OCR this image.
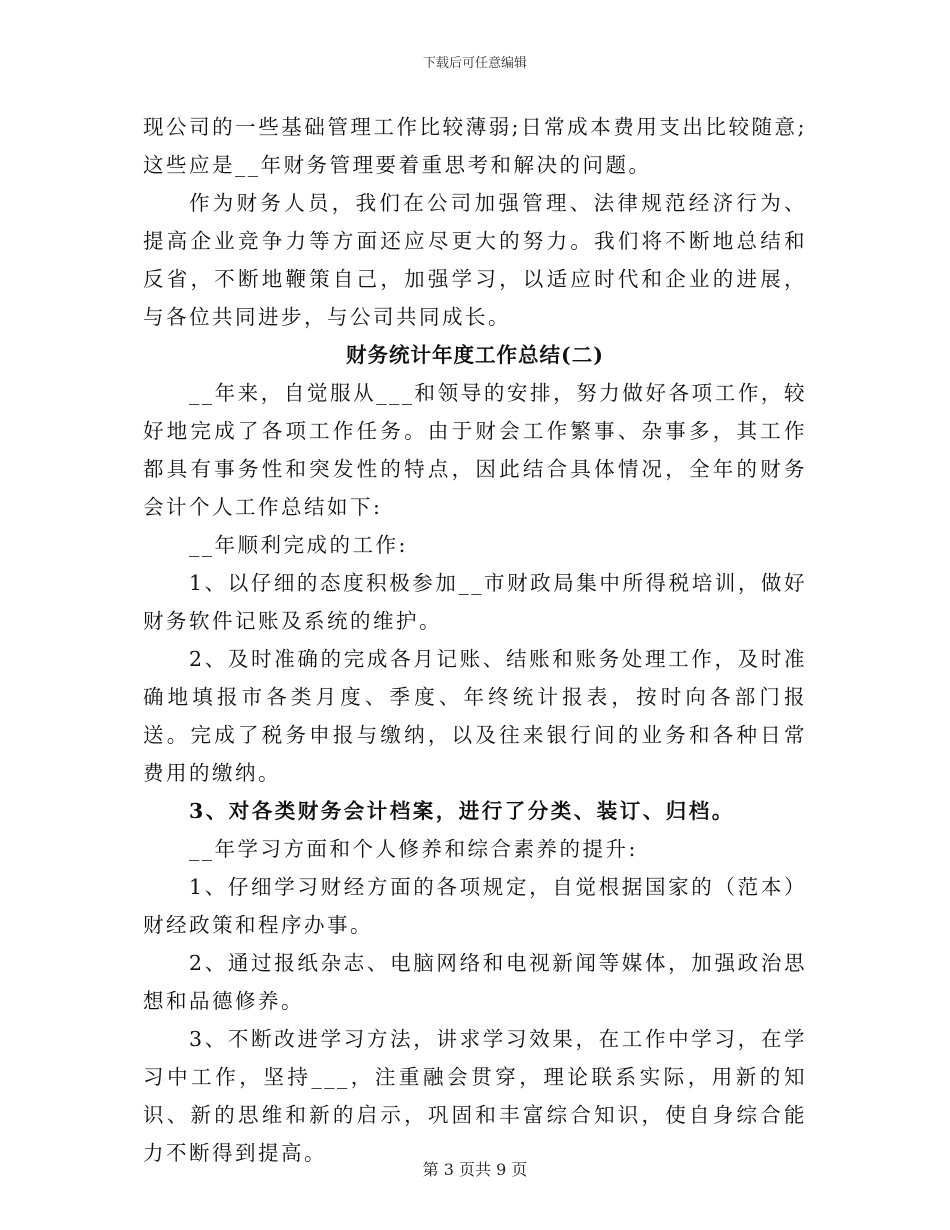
下载后可任意编辑

现公司的一些基础管理工作比较薄弱;日常成本费用支出比较随意;这些应是__年财务管理要着重思考和解决的问题。

作为财务人员，我们在公司加强管理、法律规范经济行为、提高企业竞争力等方面还应尽更大的努力。我们将不断地总结和反省，不断地鞭策自己，加强学习，以适应时代和企业的进展，与各位共同进步，与公司共同成长。

财务统计年度工作总结(二)

__年来，自觉服从___和领导的安排，努力做好各项工作，较好地完成了各项工作任务。由于财会工作繁事、杂事多，其工作都具有事务性和突发性的特点，因此结合具体情况，全年的财务会计个人工作总结如下:

__年顺利完成的工作:

1、以仔细的态度积极参加__市财政局集中所得税培训，做好财务软件记账及系统的维护。

2、及时准确的完成各月记账、结账和账务处理工作，及时准确地填报市各类月度、季度、年终统计报表，按时向各部门报送。完成了税务申报与缴纳，以及往来银行间的业务和各种日常费用的缴纳。

3、对各类财务会计档案，进行了分类、装订、归档。

__年学习方面和个人修养和综合素养的提升:

1、仔细学习财经方面的各项规定，自觉根据国家的（范本）财经政策和程序办事。

2、通过报纸杂志、电脑网络和电视新闻等媒体，加强政治思想和品德修养。

3、不断改进学习方法，讲求学习效果，在工作中学习，在学习中工作，坚持___，注重融会贯穿，理论联系实际，用新的知识、新的思维和新的启示，巩固和丰富综合知识，使自身综合能力不断得到提高。

第 3 页共 9 页
